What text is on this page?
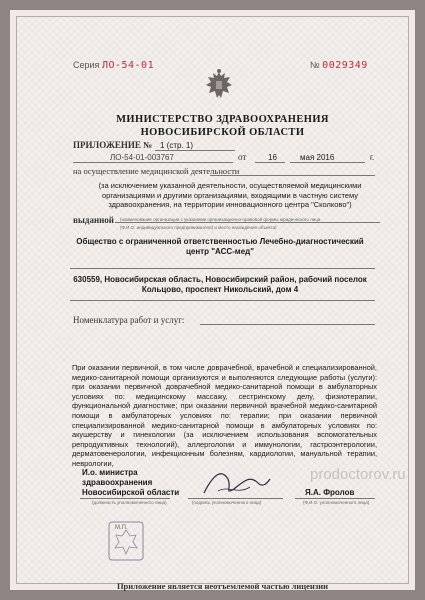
Серия ЛО-54-01	№ 0029349
МИНИСТЕРСТВО ЗДРАВООХРАНЕНИЯ
НОВОСИБИРСКОЙ ОБЛАСТИ
ПРИЛОЖЕНИЕ № 1 (стр. 1)
ЛО-54-01-003767	от	16	мая 2016	г.
на осуществление медицинской деятельности
(за исключением указанной деятельности, осуществляемой медицинскими организациями и другими организациями, входящими в частную систему здравоохранения, на территории инновационного центра "Сколково")
выданной (наименование организации с указанием организационно-правовой формы юридического лица
(Ф.И.О. индивидуального предпринимателя) и место нахождения объекта)
Общество с ограниченной ответственностью Лечебно-диагностический центр "АСС-мед"
630559, Новосибирская область, Новосибирский район, рабочий поселок Кольцово, проспект Никольский, дом 4
Номенклатура работ и услуг:
При оказании первичной, в том числе доврачебной, врачебной и специализированной, медико-санитарной помощи организуются и выполняются следующие работы (услуги): при оказании первичной доврачебной медико-санитарной помощи в амбулаторных условиях по: медицинскому массажу, сестринскому делу, физиотерапии, функциональной диагностике; при оказании первичной врачебной медико-санитарной помощи в амбулаторных условиях по: терапии; при оказании первичной специализированной медико-санитарной помощи в амбулаторных условиях по: акушерству и гинекологии (за исключением использования вспомогательных репродуктивных технологий), аллергологии и иммунологии, гастроэнтерологии, дерматовенерологии, инфекционным болезням, кардиологии, мануальной терапии, неврологии,
И.о. министра
здравоохранения
Новосибирской области
(должность уполномоченного лица)	(подпись уполномоченного лица)
Я.А. Фролов
(Ф.И.О. уполномоченного лица)
М.П.
prodoctorov.ru
Приложение является неотъемлемой частью лицензии
